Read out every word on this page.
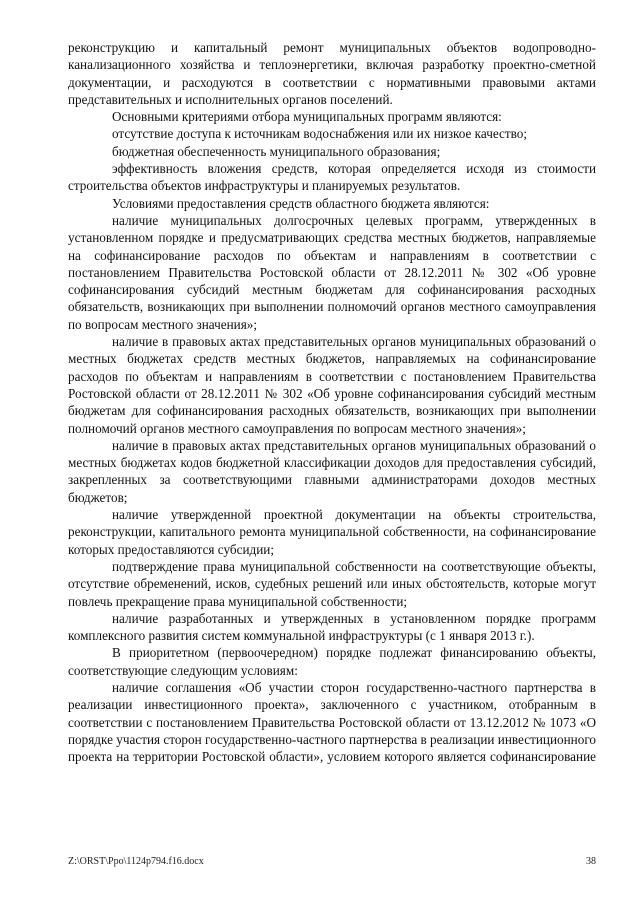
реконструкцию и капитальный ремонт муниципальных объектов водопроводно-канализационного хозяйства и теплоэнергетики, включая разработку проектно-сметной документации, и расходуются в соответствии с нормативными правовыми актами представительных и исполнительных органов поселений.

Основными критериями отбора муниципальных программ являются:

отсутствие доступа к источникам водоснабжения или их низкое качество;

бюджетная обеспеченность муниципального образования;

эффективность вложения средств, которая определяется исходя из стоимости строительства объектов инфраструктуры и планируемых результатов.

Условиями предоставления средств областного бюджета являются:

наличие муниципальных долгосрочных целевых программ, утвержденных в установленном порядке и предусматривающих средства местных бюджетов, направляемые на софинансирование расходов по объектам и направлениям в соответствии с постановлением Правительства Ростовской области от 28.12.2011 № 302 «Об уровне софинансирования субсидий местным бюджетам для софинансирования расходных обязательств, возникающих при выполнении полномочий органов местного самоуправления по вопросам местного значения»;

наличие в правовых актах представительных органов муниципальных образований о местных бюджетах средств местных бюджетов, направляемых на софинансирование расходов по объектам и направлениям в соответствии с постановлением Правительства Ростовской области от 28.12.2011 № 302 «Об уровне софинансирования субсидий местным бюджетам для софинансирования расходных обязательств, возникающих при выполнении полномочий органов местного самоуправления по вопросам местного значения»;

наличие в правовых актах представительных органов муниципальных образований о местных бюджетах кодов бюджетной классификации доходов для предоставления субсидий, закрепленных за соответствующими главными администраторами доходов местных бюджетов;

наличие утвержденной проектной документации на объекты строительства, реконструкции, капитального ремонта муниципальной собственности, на софинансирование которых предоставляются субсидии;

подтверждение права муниципальной собственности на соответствующие объекты, отсутствие обременений, исков, судебных решений или иных обстоятельств, которые могут повлечь прекращение права муниципальной собственности;

наличие разработанных и утвержденных в установленном порядке программ комплексного развития систем коммунальной инфраструктуры (с 1 января 2013 г.).

В приоритетном (первоочередном) порядке подлежат финансированию объекты, соответствующие следующим условиям:

наличие соглашения «Об участии сторон государственно-частного партнерства в реализации инвестиционного проекта», заключенного с участником, отобранным в соответствии с постановлением Правительства Ростовской области от 13.12.2012 № 1073 «О порядке участия сторон государственно-частного партнерства в реализации инвестиционного проекта на территории Ростовской области», условием которого является софинансирование

Z:\ORST\Ppo\1124p794.f16.docx	38
